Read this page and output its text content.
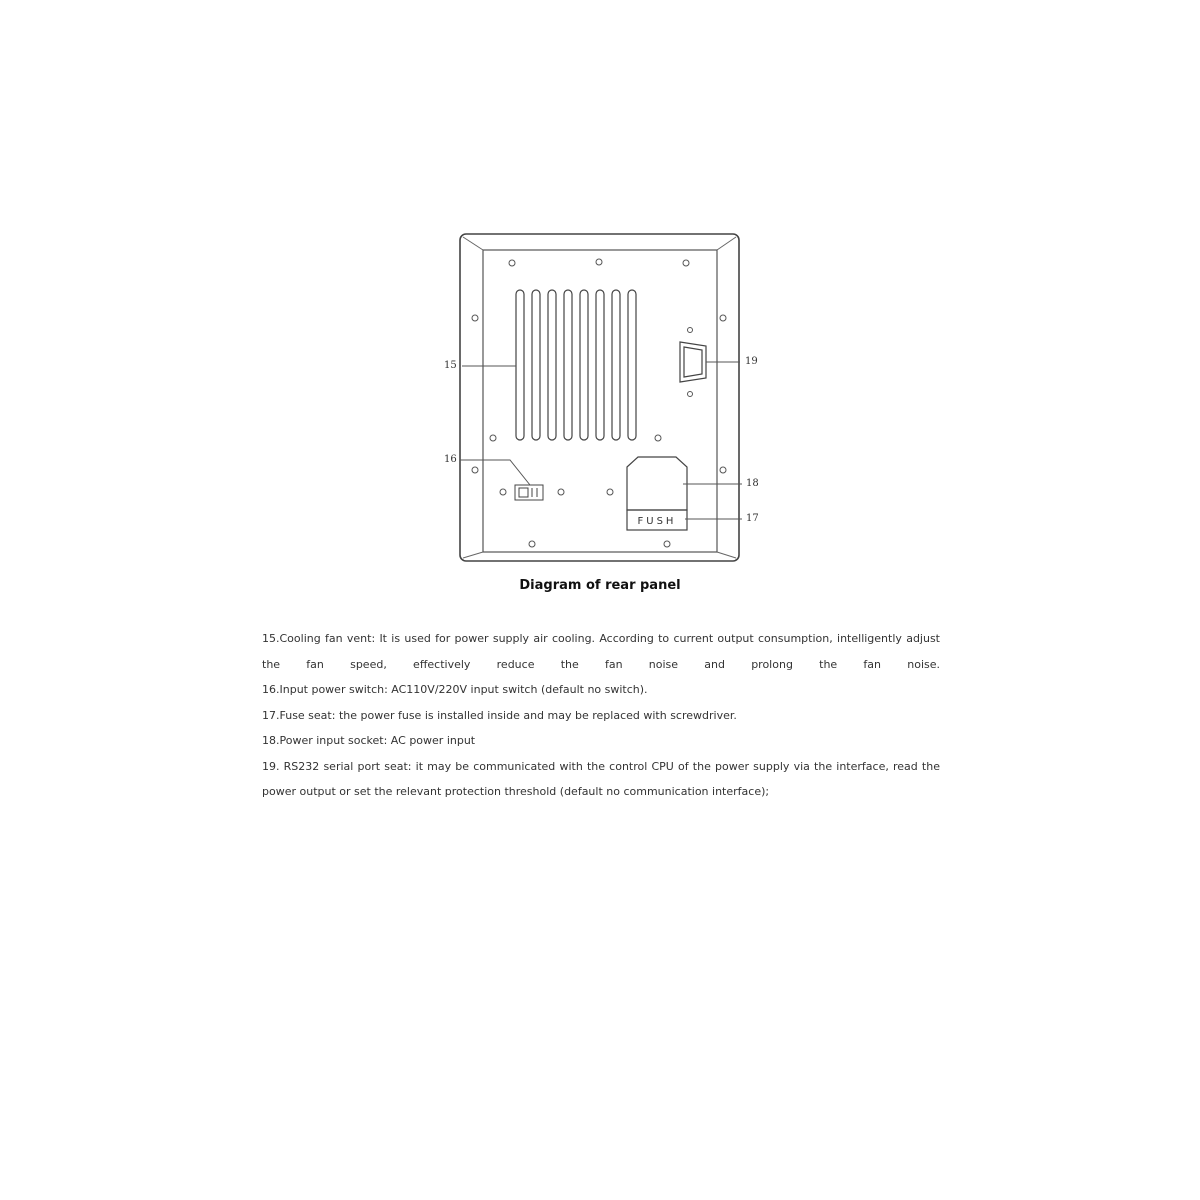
FUSH
15
16
19
18
17
Diagram of rear panel
15.Cooling fan vent: It is used for power supply air cooling. According to current output consumption, intelligently adjust the fan speed, effectively reduce the fan noise and prolong the fan noise.
16.Input power switch: AC110V/220V input switch (default no switch).
17.Fuse seat: the power fuse is installed inside and may be replaced with screwdriver.
18.Power input socket: AC power input
19. RS232 serial port seat: it may be communicated with the control CPU of the power supply via the interface, read the power output or set the relevant protection threshold (default no communication interface);
